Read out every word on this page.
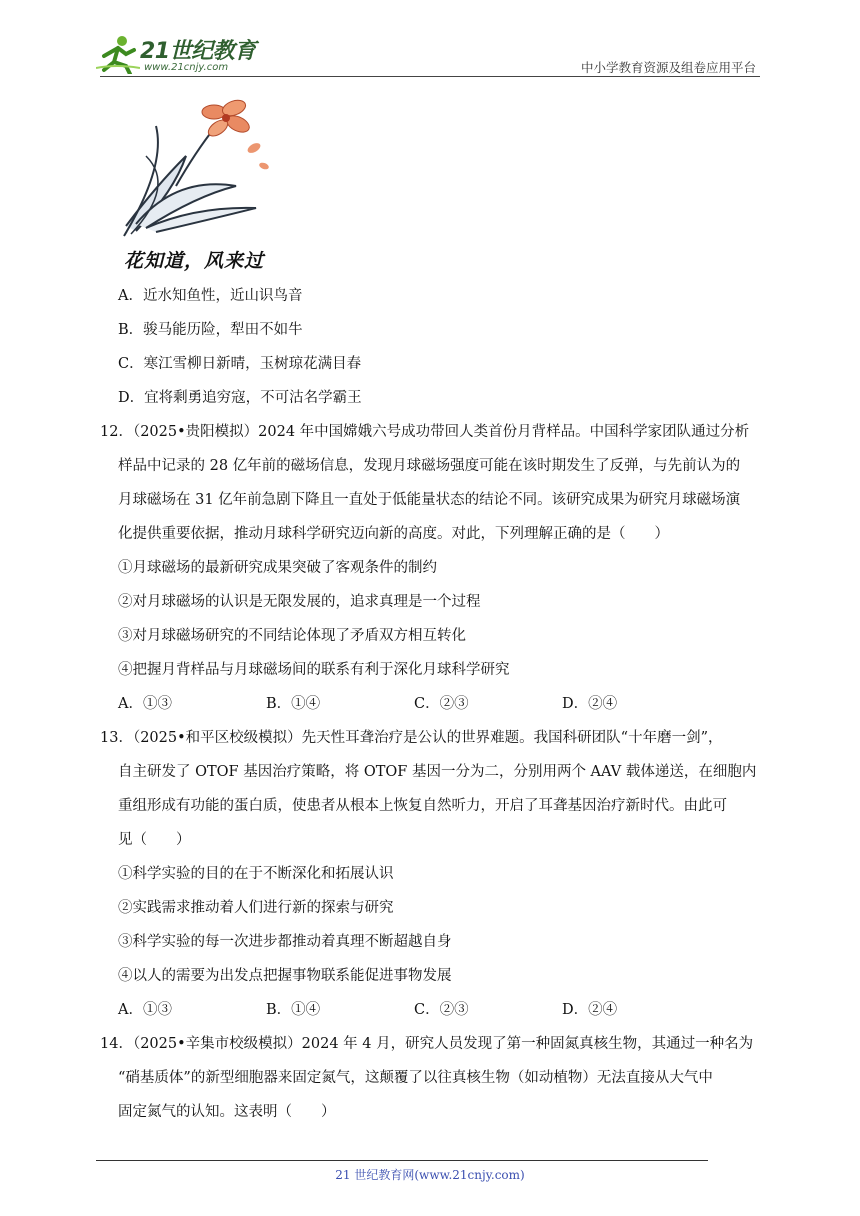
21世纪教育
www.21cnjy.com	中小学教育资源及组卷应用平台
花知道，风来过
A．近水知鱼性，近山识鸟音
B．骏马能历险，犁田不如牛
C．寒江雪柳日新晴，玉树琼花满目春
D．宜将剩勇追穷寇，不可沽名学霸王
12．（2025•贵阳模拟）2024 年中国嫦娥六号成功带回人类首份月背样品。中国科学家团队通过分析
样品中记录的 28 亿年前的磁场信息，发现月球磁场强度可能在该时期发生了反弹，与先前认为的
月球磁场在 31 亿年前急剧下降且一直处于低能量状态的结论不同。该研究成果为研究月球磁场演
化提供重要依据，推动月球科学研究迈向新的高度。对此，下列理解正确的是（　　）
①月球磁场的最新研究成果突破了客观条件的制约
②对月球磁场的认识是无限发展的，追求真理是一个过程
③对月球磁场研究的不同结论体现了矛盾双方相互转化
④把握月背样品与月球磁场间的联系有利于深化月球科学研究
A．①③	B．①④	C．②③	D．②④
13．（2025•和平区校级模拟）先天性耳聋治疗是公认的世界难题。我国科研团队“十年磨一剑”，
自主研发了 OTOF 基因治疗策略，将 OTOF 基因一分为二，分别用两个 AAV 载体递送，在细胞内
重组形成有功能的蛋白质，使患者从根本上恢复自然听力，开启了耳聋基因治疗新时代。由此可
见（　　）
①科学实验的目的在于不断深化和拓展认识
②实践需求推动着人们进行新的探索与研究
③科学实验的每一次进步都推动着真理不断超越自身
④以人的需要为出发点把握事物联系能促进事物发展
A．①③	B．①④	C．②③	D．②④
14．（2025•辛集市校级模拟）2024 年 4 月，研究人员发现了第一种固氮真核生物，其通过一种名为
“硝基质体”的新型细胞器来固定氮气，这颠覆了以往真核生物（如动植物）无法直接从大气中
固定氮气的认知。这表明（　　）
21 世纪教育网(www.21cnjy.com)
